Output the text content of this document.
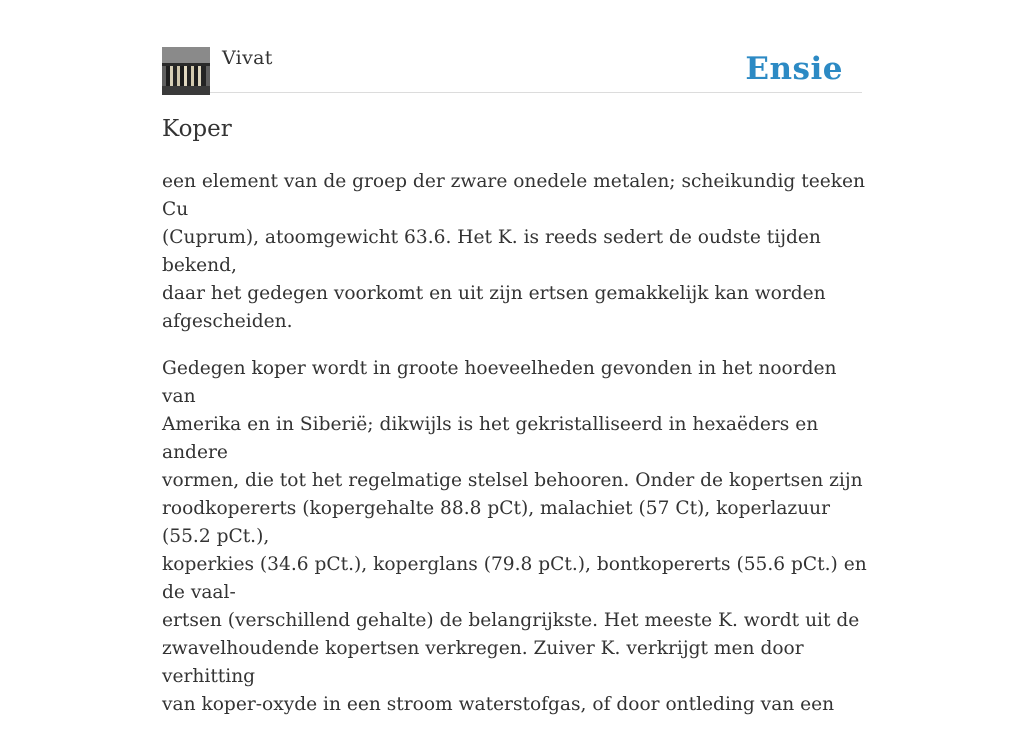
Vivat	Ensie
Koper

een element van de groep der zware onedele metalen; scheikundig teeken Cu
(Cuprum), atoomgewicht 63.6. Het K. is reeds sedert de oudste tijden bekend,
daar het gedegen voorkomt en uit zijn ertsen gemakkelijk kan worden
afgescheiden.

Gedegen koper wordt in groote hoeveelheden gevonden in het noorden van
Amerika en in Siberië; dikwijls is het gekristalliseerd in hexaëders en andere
vormen, die tot het regelmatige stelsel behooren. Onder de kopertsen zijn
roodkopererts (kopergehalte 88.8 pCt), malachiet (57 Ct), koperlazuur (55.2 pCt.),
koperkies (34.6 pCt.), koperglans (79.8 pCt.), bontkopererts (55.6 pCt.) en de vaal-
ertsen (verschillend gehalte) de belangrijkste. Het meeste K. wordt uit de
zwavelhoudende kopertsen verkregen. Zuiver K. verkrijgt men door verhitting
van koper-oxyde in een stroom waterstofgas, of door ontleding van een
